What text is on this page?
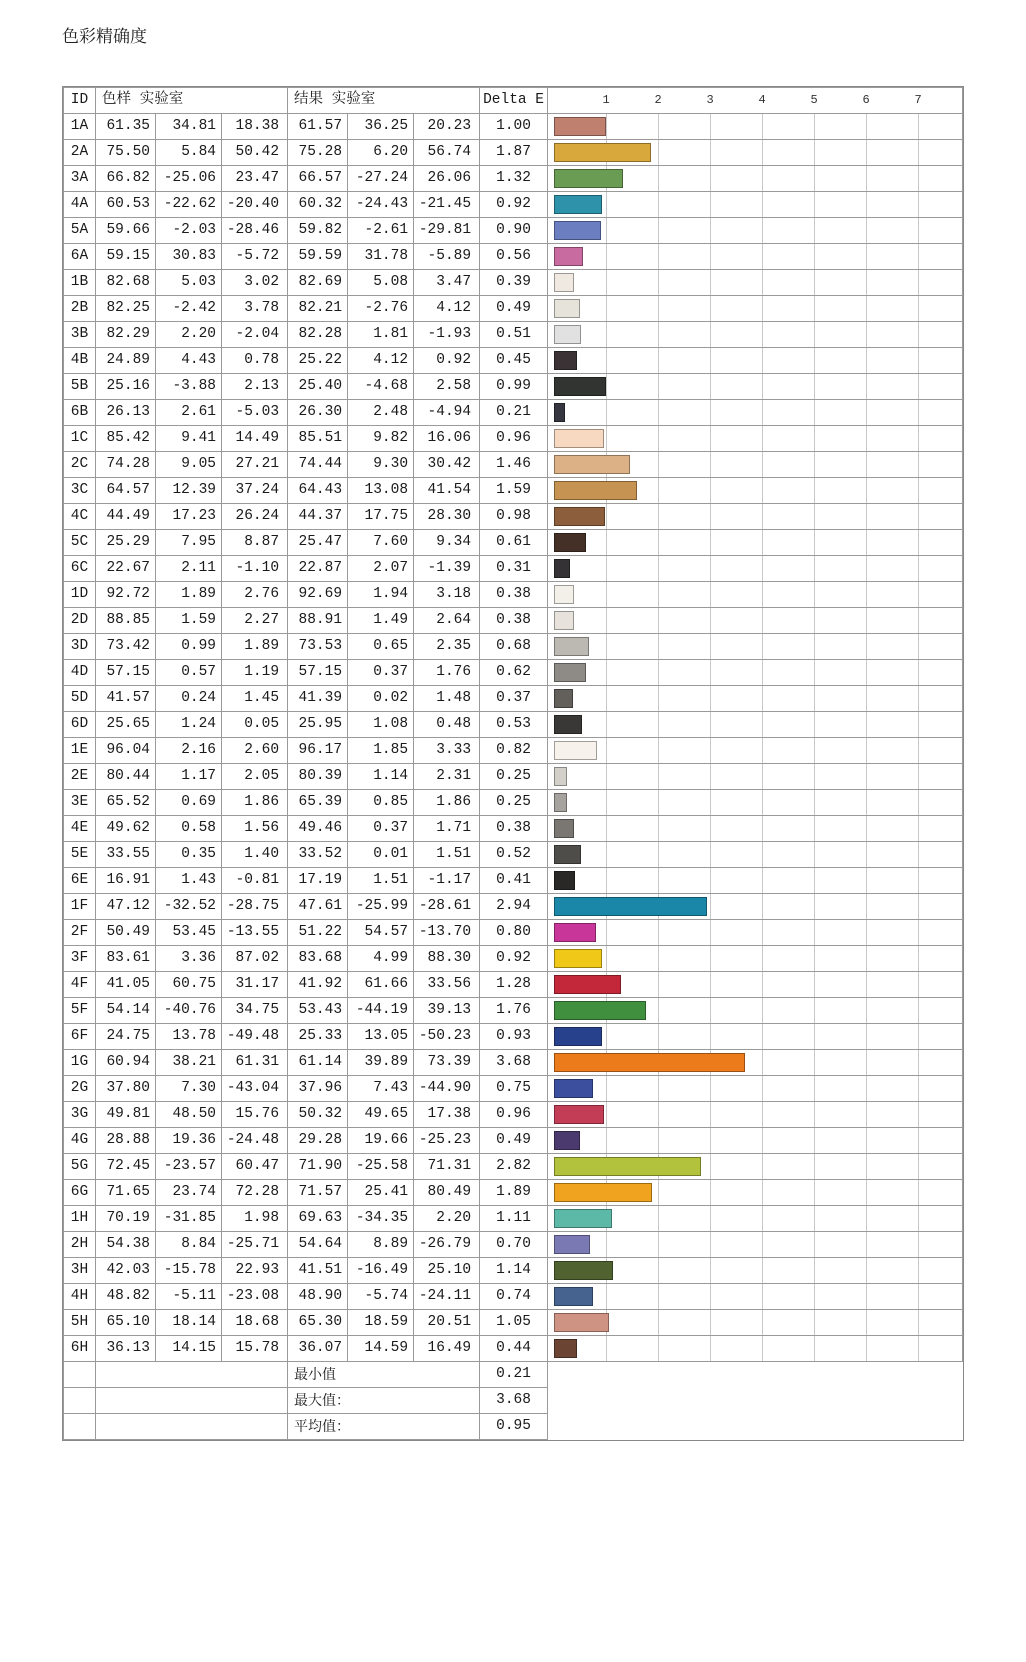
色彩精确度
ID	色样 实验室	结果 实验室	Delta E	1	2	3	4	5	6	7

1A	61.35	34.81	18.38	61.57	36.25	20.23	1.00	

2A	75.50	5.84	50.42	75.28	6.20	56.74	1.87	

3A	66.82	-25.06	23.47	66.57	-27.24	26.06	1.32	

4A	60.53	-22.62	-20.40	60.32	-24.43	-21.45	0.92	

5A	59.66	-2.03	-28.46	59.82	-2.61	-29.81	0.90	

6A	59.15	30.83	-5.72	59.59	31.78	-5.89	0.56	

1B	82.68	5.03	3.02	82.69	5.08	3.47	0.39	

2B	82.25	-2.42	3.78	82.21	-2.76	4.12	0.49	

3B	82.29	2.20	-2.04	82.28	1.81	-1.93	0.51	

4B	24.89	4.43	0.78	25.22	4.12	0.92	0.45	

5B	25.16	-3.88	2.13	25.40	-4.68	2.58	0.99	

6B	26.13	2.61	-5.03	26.30	2.48	-4.94	0.21	

1C	85.42	9.41	14.49	85.51	9.82	16.06	0.96	

2C	74.28	9.05	27.21	74.44	9.30	30.42	1.46	

3C	64.57	12.39	37.24	64.43	13.08	41.54	1.59	

4C	44.49	17.23	26.24	44.37	17.75	28.30	0.98	

5C	25.29	7.95	8.87	25.47	7.60	9.34	0.61	

6C	22.67	2.11	-1.10	22.87	2.07	-1.39	0.31	

1D	92.72	1.89	2.76	92.69	1.94	3.18	0.38	

2D	88.85	1.59	2.27	88.91	1.49	2.64	0.38	

3D	73.42	0.99	1.89	73.53	0.65	2.35	0.68	

4D	57.15	0.57	1.19	57.15	0.37	1.76	0.62	

5D	41.57	0.24	1.45	41.39	0.02	1.48	0.37	

6D	25.65	1.24	0.05	25.95	1.08	0.48	0.53	

1E	96.04	2.16	2.60	96.17	1.85	3.33	0.82	

2E	80.44	1.17	2.05	80.39	1.14	2.31	0.25	

3E	65.52	0.69	1.86	65.39	0.85	1.86	0.25	

4E	49.62	0.58	1.56	49.46	0.37	1.71	0.38	

5E	33.55	0.35	1.40	33.52	0.01	1.51	0.52	

6E	16.91	1.43	-0.81	17.19	1.51	-1.17	0.41	

1F	47.12	-32.52	-28.75	47.61	-25.99	-28.61	2.94	

2F	50.49	53.45	-13.55	51.22	54.57	-13.70	0.80	

3F	83.61	3.36	87.02	83.68	4.99	88.30	0.92	

4F	41.05	60.75	31.17	41.92	61.66	33.56	1.28	

5F	54.14	-40.76	34.75	53.43	-44.19	39.13	1.76	

6F	24.75	13.78	-49.48	25.33	13.05	-50.23	0.93	

1G	60.94	38.21	61.31	61.14	39.89	73.39	3.68	

2G	37.80	7.30	-43.04	37.96	7.43	-44.90	0.75	

3G	49.81	48.50	15.76	50.32	49.65	17.38	0.96	

4G	28.88	19.36	-24.48	29.28	19.66	-25.23	0.49	

5G	72.45	-23.57	60.47	71.90	-25.58	71.31	2.82	

6G	71.65	23.74	72.28	71.57	25.41	80.49	1.89	

1H	70.19	-31.85	1.98	69.63	-34.35	2.20	1.11	

2H	54.38	8.84	-25.71	54.64	8.89	-26.79	0.70	

3H	42.03	-15.78	22.93	41.51	-16.49	25.10	1.14	

4H	48.82	-5.11	-23.08	48.90	-5.74	-24.11	0.74	

5H	65.10	18.14	18.68	65.30	18.59	20.51	1.05	

6H	36.13	14.15	15.78	36.07	14.59	16.49	0.44	

				最小值			0.21	
				最大值：			3.68	
				平均值：			0.95	
